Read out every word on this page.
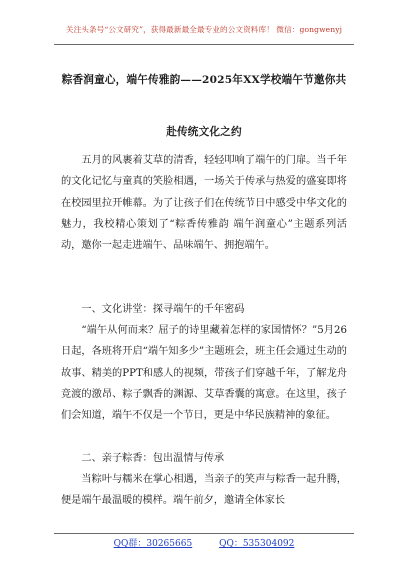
关注头条号“公文研究”，获得最新最全最专业的公文资料库！ 微信：gongwenyj
粽香润童心，端午传雅韵——2025年XX学校端午节邀你共
赴传统文化之约

五月的风裹着艾草的清香，轻轻叩响了端午的门扉。当千年的文化记忆与童真的笑脸相遇，一场关于传承与热爱的盛宴即将在校园里拉开帷幕。为了让孩子们在传统节日中感受中华文化的魅力，我校精心策划了“粽香传雅韵 端午润童心”主题系列活动，邀你一起走进端午、品味端午、拥抱端午。

一、文化讲堂：探寻端午的千年密码

“端午从何而来？屈子的诗里藏着怎样的家国情怀？”5月26日起，各班将开启“端午知多少”主题班会，班主任会通过生动的故事、精美的PPT和感人的视频，带孩子们穿越千年，了解龙舟竞渡的激昂、粽子飘香的渊源、艾草香囊的寓意。在这里，孩子们会知道，端午不仅是一个节日，更是中华民族精神的象征。

二、亲子粽香：包出温情与传承

当粽叶与糯米在掌心相遇，当亲子的笑声与粽香一起升腾，便是端午最温暖的模样。端午前夕，邀请全体家长

QQ群：30265665	QQ：535304092
